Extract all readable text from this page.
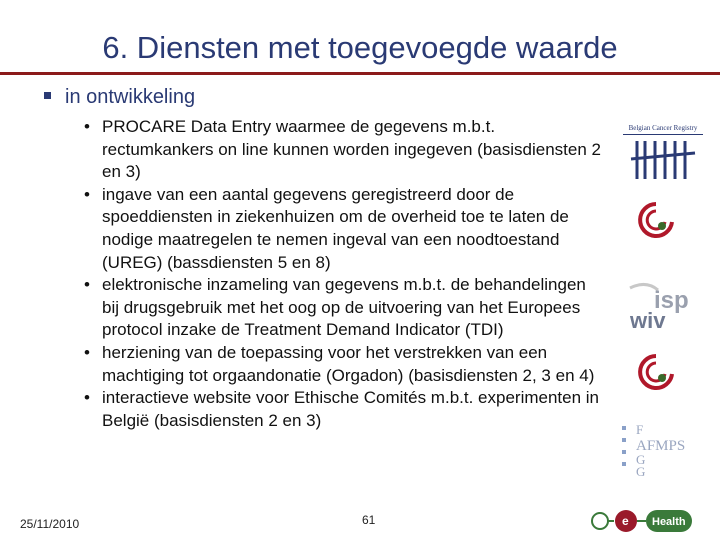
6. Diensten met toegevoegde waarde
in ontwikkeling
• PROCARE Data Entry waarmee de gegevens m.b.t. rectumkankers on line kunnen worden ingegeven (basisdiensten 2 en 3)
• ingave van een aantal gegevens geregistreerd door de spoeddiensten in ziekenhuizen om de overheid toe te laten de nodige maatregelen te nemen ingeval van een noodtoestand (UREG) (bassdiensten 5 en 8)
• elektronische inzameling van gegevens m.b.t. de behandelingen bij drugsgebruik met het oog op de uitvoering van het Europees protocol inzake de Treatment Demand Indicator (TDI)
• herziening van de toepassing voor het verstrekken van een machtiging tot orgaandonatie (Orgadon) (basisdiensten 2, 3 en 4)
• interactieve website voor Ethische Comités m.b.t. experimenten in België (basisdiensten 2 en 3)
Belgian Cancer Registry
isp
wiv
F
AFMPS
G
G
e Health
25/11/2010	61
